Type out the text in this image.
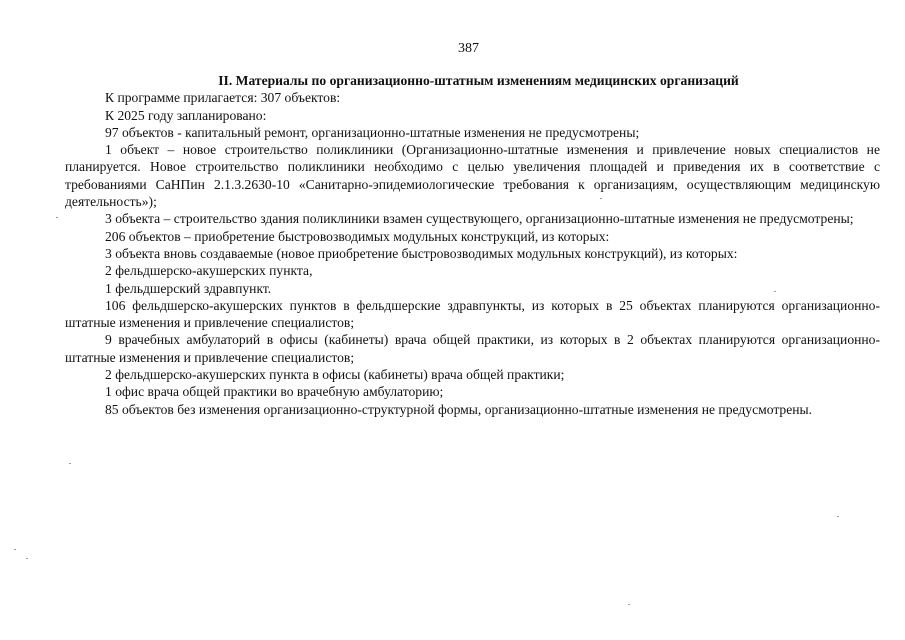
387

II. Материалы по организационно-штатным изменениям медицинских организаций

К программе прилагается: 307 объектов:

К 2025 году запланировано:

97 объектов - капитальный ремонт, организационно-штатные изменения не предусмотрены;

1 объект – новое строительство поликлиники (Организационно-штатные изменения и привлечение новых специалистов не планируется. Новое строительство поликлиники необходимо с целью увеличения площадей и приведения их в соответствие с требованиями СаНПин 2.1.3.2630-10 «Санитарно-эпидемиологические требования к организациям, осуществляющим медицинскую деятельность»);

3 объекта – строительство здания поликлиники взамен существующего, организационно-штатные изменения не предусмотрены;

206 объектов – приобретение быстровозводимых модульных конструкций, из которых:

3 объекта вновь создаваемые (новое приобретение быстровозводимых модульных конструкций), из которых:

2 фельдшерско-акушерских пункта,

1 фельдшерский здравпункт.

106 фельдшерско-акушерских пунктов в фельдшерские здравпункты, из которых в 25 объектах планируются организационно-штатные изменения и привлечение специалистов;

9 врачебных амбулаторий в офисы (кабинеты) врача общей практики, из которых в 2 объектах планируются организационно-штатные изменения и привлечение специалистов;

2 фельдшерско-акушерских пункта в офисы (кабинеты) врача общей практики;

1 офис врача общей практики во врачебную амбулаторию;

85 объектов без изменения организационно-структурной формы, организационно-штатные изменения не предусмотрены.
